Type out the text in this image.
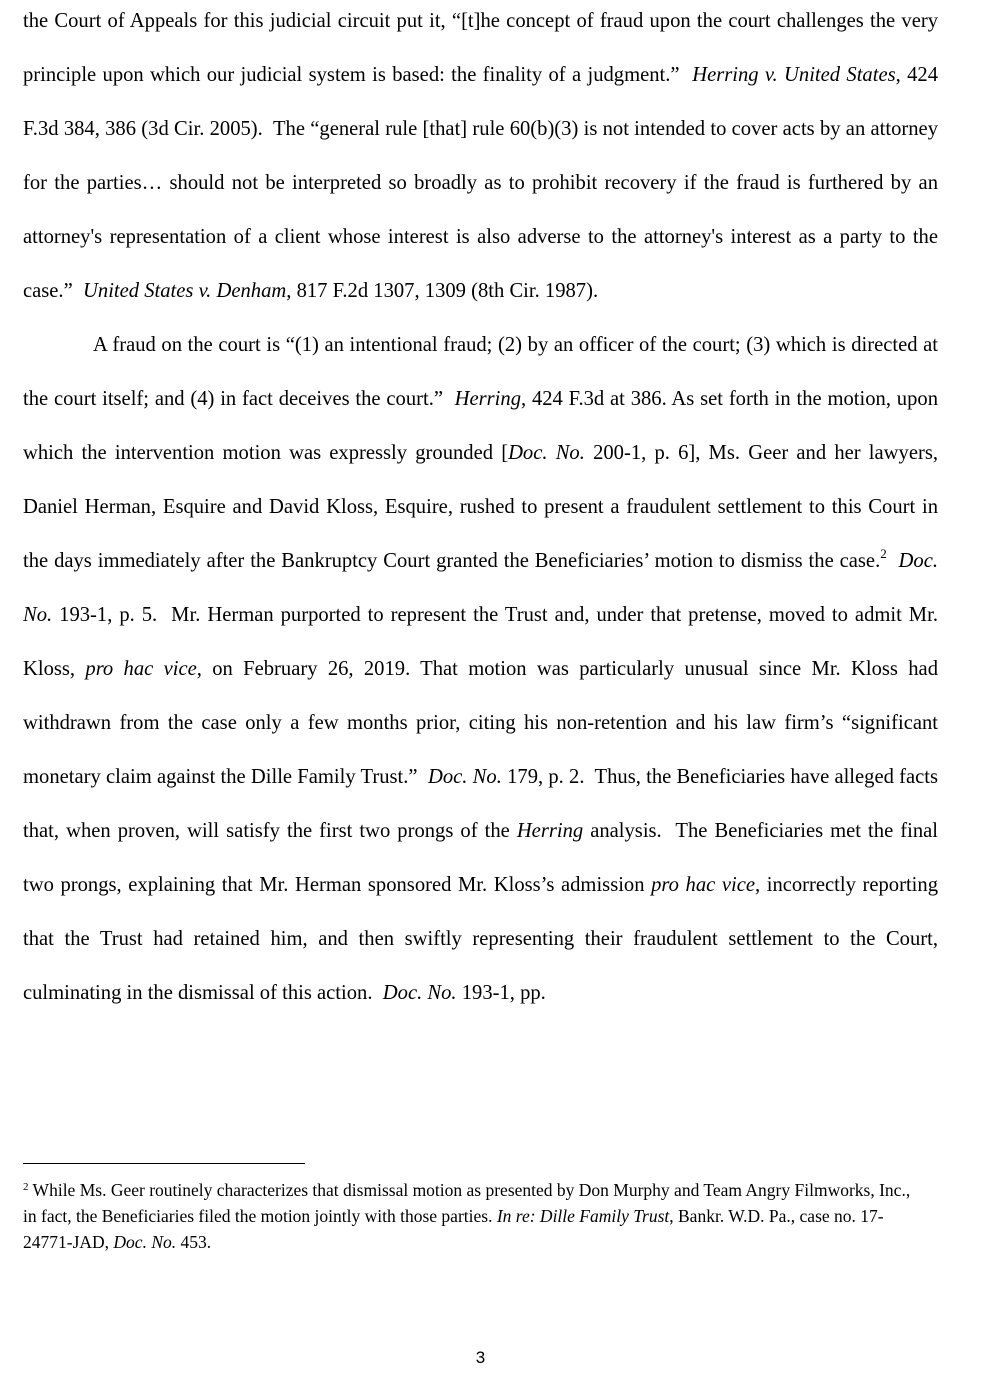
the Court of Appeals for this judicial circuit put it, “[t]he concept of fraud upon the court challenges the very principle upon which our judicial system is based: the finality of a judgment.”  Herring v. United States, 424 F.3d 384, 386 (3d Cir. 2005).  The “general rule [that] rule 60(b)(3) is not intended to cover acts by an attorney for the parties… should not be interpreted so broadly as to prohibit recovery if the fraud is furthered by an attorney's representation of a client whose interest is also adverse to the attorney's interest as a party to the case.”  United States v. Denham, 817 F.2d 1307, 1309 (8th Cir. 1987).

A fraud on the court is “(1) an intentional fraud; (2) by an officer of the court; (3) which is directed at the court itself; and (4) in fact deceives the court.”  Herring, 424 F.3d at 386. As set forth in the motion, upon which the intervention motion was expressly grounded [Doc. No. 200-1, p. 6], Ms. Geer and her lawyers, Daniel Herman, Esquire and David Kloss, Esquire, rushed to present a fraudulent settlement to this Court in the days immediately after the Bankruptcy Court granted the Beneficiaries’ motion to dismiss the case.$^2$ Doc. No. 193-1, p. 5.  Mr. Herman purported to represent the Trust and, under that pretense, moved to admit Mr. Kloss, pro hac vice, on February 26, 2019. That motion was particularly unusual since Mr. Kloss had withdrawn from the case only a few months prior, citing his non-retention and his law firm’s “significant monetary claim against the Dille Family Trust.”  Doc. No. 179, p. 2.  Thus, the Beneficiaries have alleged facts that, when proven, will satisfy the first two prongs of the Herring analysis.  The Beneficiaries met the final two prongs, explaining that Mr. Herman sponsored Mr. Kloss’s admission pro hac vice, incorrectly reporting that the Trust had retained him, and then swiftly representing their fraudulent settlement to the Court, culminating in the dismissal of this action.  Doc. No. 193-1, pp.

$^2$ While Ms. Geer routinely characterizes that dismissal motion as presented by Don Murphy and Team Angry Filmworks, Inc., in fact, the Beneficiaries filed the motion jointly with those parties. In re: Dille Family Trust, Bankr. W.D. Pa., case no. 17-24771-JAD, Doc. No. 453.

3
